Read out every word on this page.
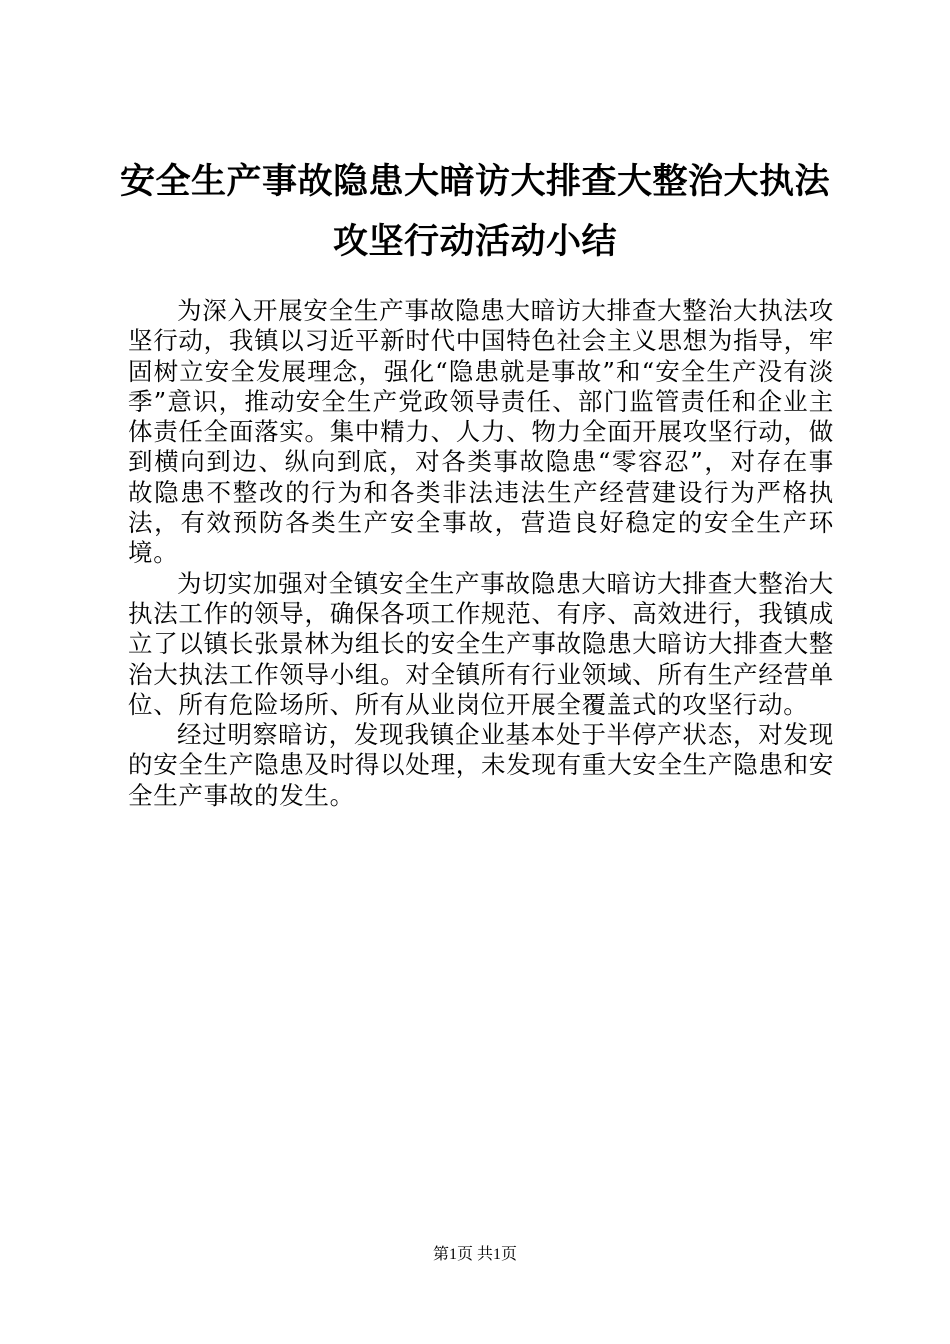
安全生产事故隐患大暗访大排查大整治大执法
攻坚行动活动小结

为深入开展安全生产事故隐患大暗访大排查大整治大执法攻坚行动，我镇以习近平新时代中国特色社会主义思想为指导，牢固树立安全发展理念，强化“隐患就是事故”和“安全生产没有淡季”意识，推动安全生产党政领导责任、部门监管责任和企业主体责任全面落实。集中精力、人力、物力全面开展攻坚行动，做到横向到边、纵向到底，对各类事故隐患“零容忍”，对存在事故隐患不整改的行为和各类非法违法生产经营建设行为严格执法，有效预防各类生产安全事故，营造良好稳定的安全生产环境。

为切实加强对全镇安全生产事故隐患大暗访大排查大整治大执法工作的领导，确保各项工作规范、有序、高效进行，我镇成立了以镇长张景林为组长的安全生产事故隐患大暗访大排查大整治大执法工作领导小组。对全镇所有行业领域、所有生产经营单位、所有危险场所、所有从业岗位开展全覆盖式的攻坚行动。

经过明察暗访，发现我镇企业基本处于半停产状态，对发现的安全生产隐患及时得以处理，未发现有重大安全生产隐患和安全生产事故的发生。

第1页 共1页
